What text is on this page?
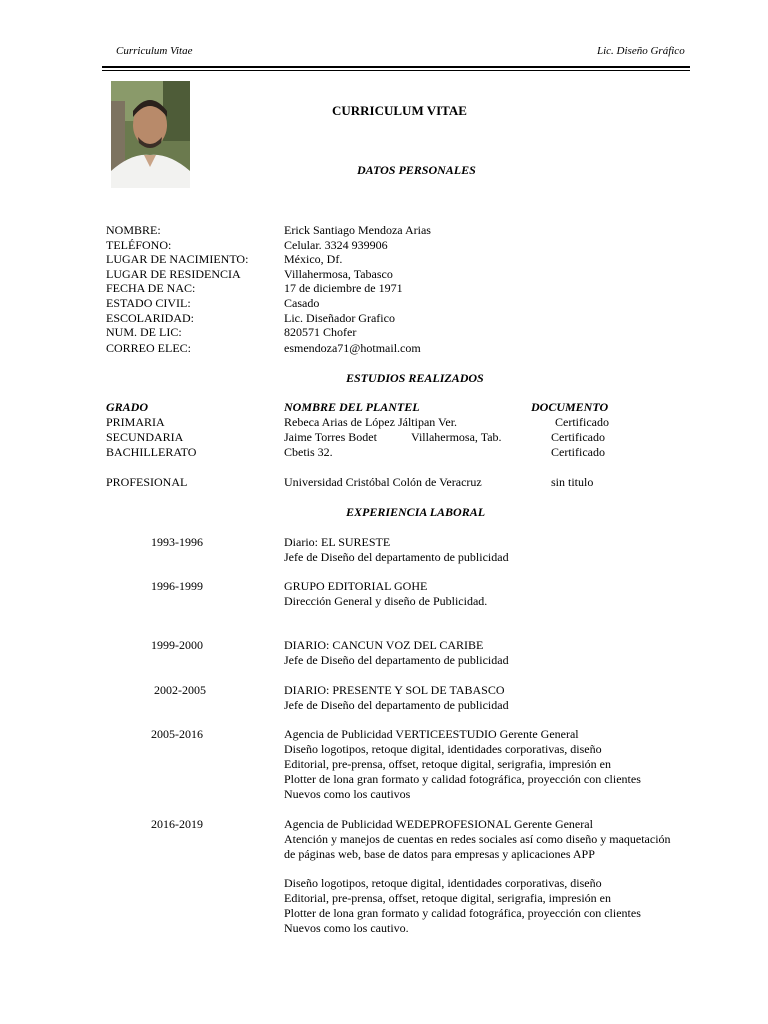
Curriculum Vitae	Lic. Diseño Gráfico
CURRICULUM VITAE
DATOS PERSONALES
NOMBRE:	Erick Santiago Mendoza Arias
TELÉFONO:	Celular. 3324 939906
LUGAR DE NACIMIENTO:	México, Df.
LUGAR DE RESIDENCIA	Villahermosa, Tabasco
FECHA DE NAC:	17 de diciembre de 1971
ESTADO CIVIL:	Casado
ESCOLARIDAD:	Lic. Diseñador Grafico
NUM. DE LIC:	820571 Chofer
CORREO ELEC:	esmendoza71@hotmail.com
ESTUDIOS REALIZADOS
GRADO	NOMBRE DEL PLANTEL	DOCUMENTO
PRIMARIA	Rebeca Arias de López Jáltipan Ver.	Certificado
SECUNDARIA	Jaime Torres Bodet	Villahermosa, Tab.	Certificado
BACHILLERATO	Cbetis 32.	Certificado
PROFESIONAL	Universidad Cristóbal Colón de Veracruz	sin titulo
EXPERIENCIA LABORAL
1993-1996	Diario: EL SURESTE
Jefe de Diseño del departamento de publicidad
1996-1999	GRUPO EDITORIAL GOHE
Dirección General y diseño de Publicidad.
1999-2000	DIARIO: CANCUN VOZ DEL CARIBE
Jefe de Diseño del departamento de publicidad
2002-2005	DIARIO: PRESENTE Y SOL DE TABASCO
Jefe de Diseño del departamento de publicidad
2005-2016	Agencia de Publicidad VERTICEESTUDIO Gerente General
Diseño logotipos, retoque digital, identidades corporativas, diseño
Editorial, pre-prensa, offset, retoque digital, serigrafia, impresión en
Plotter de lona gran formato y calidad fotográfica, proyección con clientes
Nuevos como los cautivos
2016-2019	Agencia de Publicidad WEDEPROFESIONAL Gerente General
Atención y manejos de cuentas en redes sociales así como diseño y maquetación
de páginas web, base de datos para empresas y aplicaciones APP
Diseño logotipos, retoque digital, identidades corporativas, diseño
Editorial, pre-prensa, offset, retoque digital, serigrafia, impresión en
Plotter de lona gran formato y calidad fotográfica, proyección con clientes
Nuevos como los cautivo.
